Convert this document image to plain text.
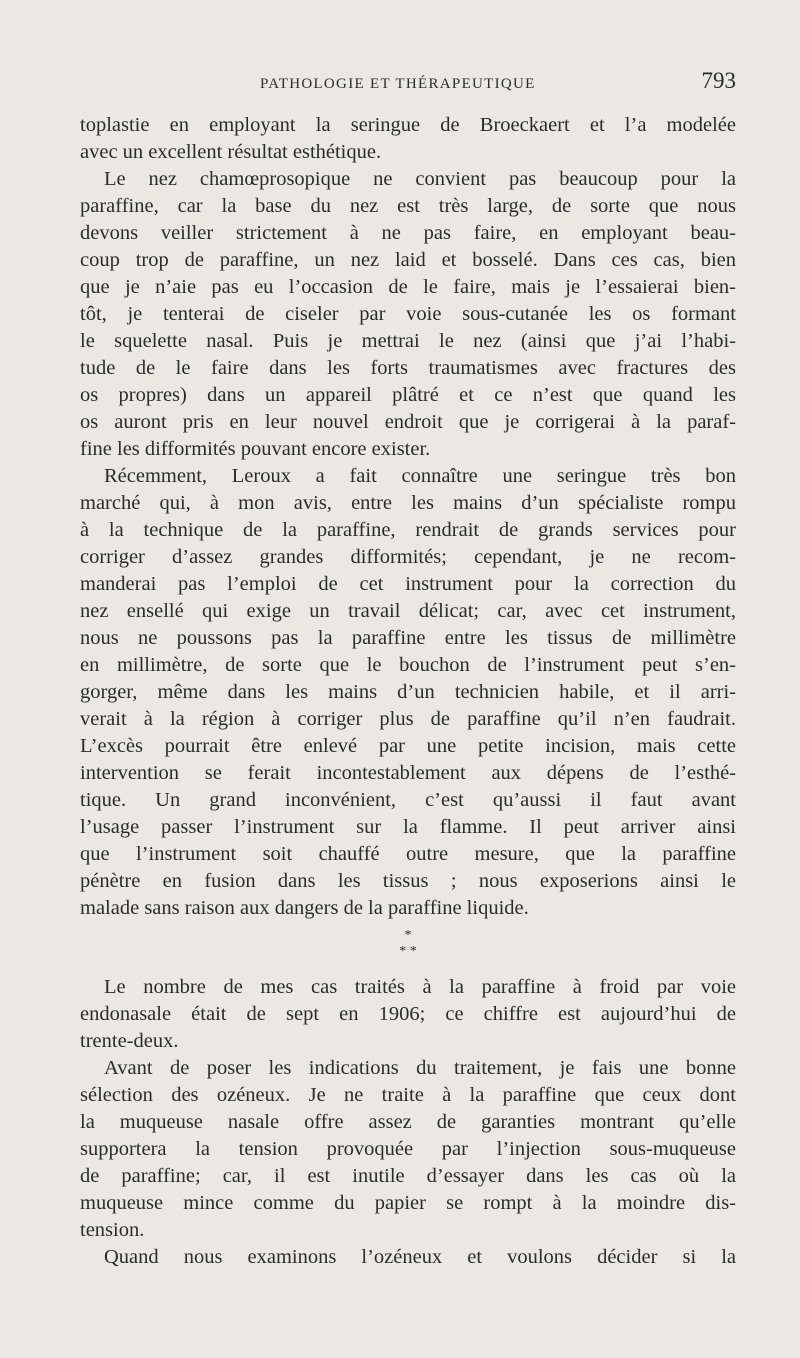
PATHOLOGIE ET THÉRAPEUTIQUE	793
toplastie en employant la seringue de Broeckaert et l’a modelée
avec un excellent résultat esthétique.
Le nez chamœprosopique ne convient pas beaucoup pour la
paraffine, car la base du nez est très large, de sorte que nous
devons veiller strictement à ne pas faire, en employant beau-
coup trop de paraffine, un nez laid et bosselé. Dans ces cas, bien
que je n’aie pas eu l’occasion de le faire, mais je l’essaierai bien-
tôt, je tenterai de ciseler par voie sous-cutanée les os formant
le squelette nasal. Puis je mettrai le nez (ainsi que j’ai l’habi-
tude de le faire dans les forts traumatismes avec fractures des
os propres) dans un appareil plâtré et ce n’est que quand les
os auront pris en leur nouvel endroit que je corrigerai à la paraf-
fine les difformités pouvant encore exister.
Récemment, Leroux a fait connaître une seringue très bon
marché qui, à mon avis, entre les mains d’un spécialiste rompu
à la technique de la paraffine, rendrait de grands services pour
corriger d’assez grandes difformités; cependant, je ne recom-
manderai pas l’emploi de cet instrument pour la correction du
nez ensellé qui exige un travail délicat; car, avec cet instrument,
nous ne poussons pas la paraffine entre les tissus de millimètre
en millimètre, de sorte que le bouchon de l’instrument peut s’en-
gorger, même dans les mains d’un technicien habile, et il arri-
verait à la région à corriger plus de paraffine qu’il n’en faudrait.
L’excès pourrait être enlevé par une petite incision, mais cette
intervention se ferait incontestablement aux dépens de l’esthé-
tique. Un grand inconvénient, c’est qu’aussi il faut avant
l’usage passer l’instrument sur la flamme. Il peut arriver ainsi
que l’instrument soit chauffé outre mesure, que la paraffine
pénètre en fusion dans les tissus ; nous exposerions ainsi le
malade sans raison aux dangers de la paraffine liquide.
*
* *
Le nombre de mes cas traités à la paraffine à froid par voie
endonasale était de sept en 1906; ce chiffre est aujourd’hui de
trente-deux.
Avant de poser les indications du traitement, je fais une bonne
sélection des ozéneux. Je ne traite à la paraffine que ceux dont
la muqueuse nasale offre assez de garanties montrant qu’elle
supportera la tension provoquée par l’injection sous-muqueuse
de paraffine; car, il est inutile d’essayer dans les cas où la
muqueuse mince comme du papier se rompt à la moindre dis-
tension.
Quand nous examinons l’ozéneux et voulons décider si la
